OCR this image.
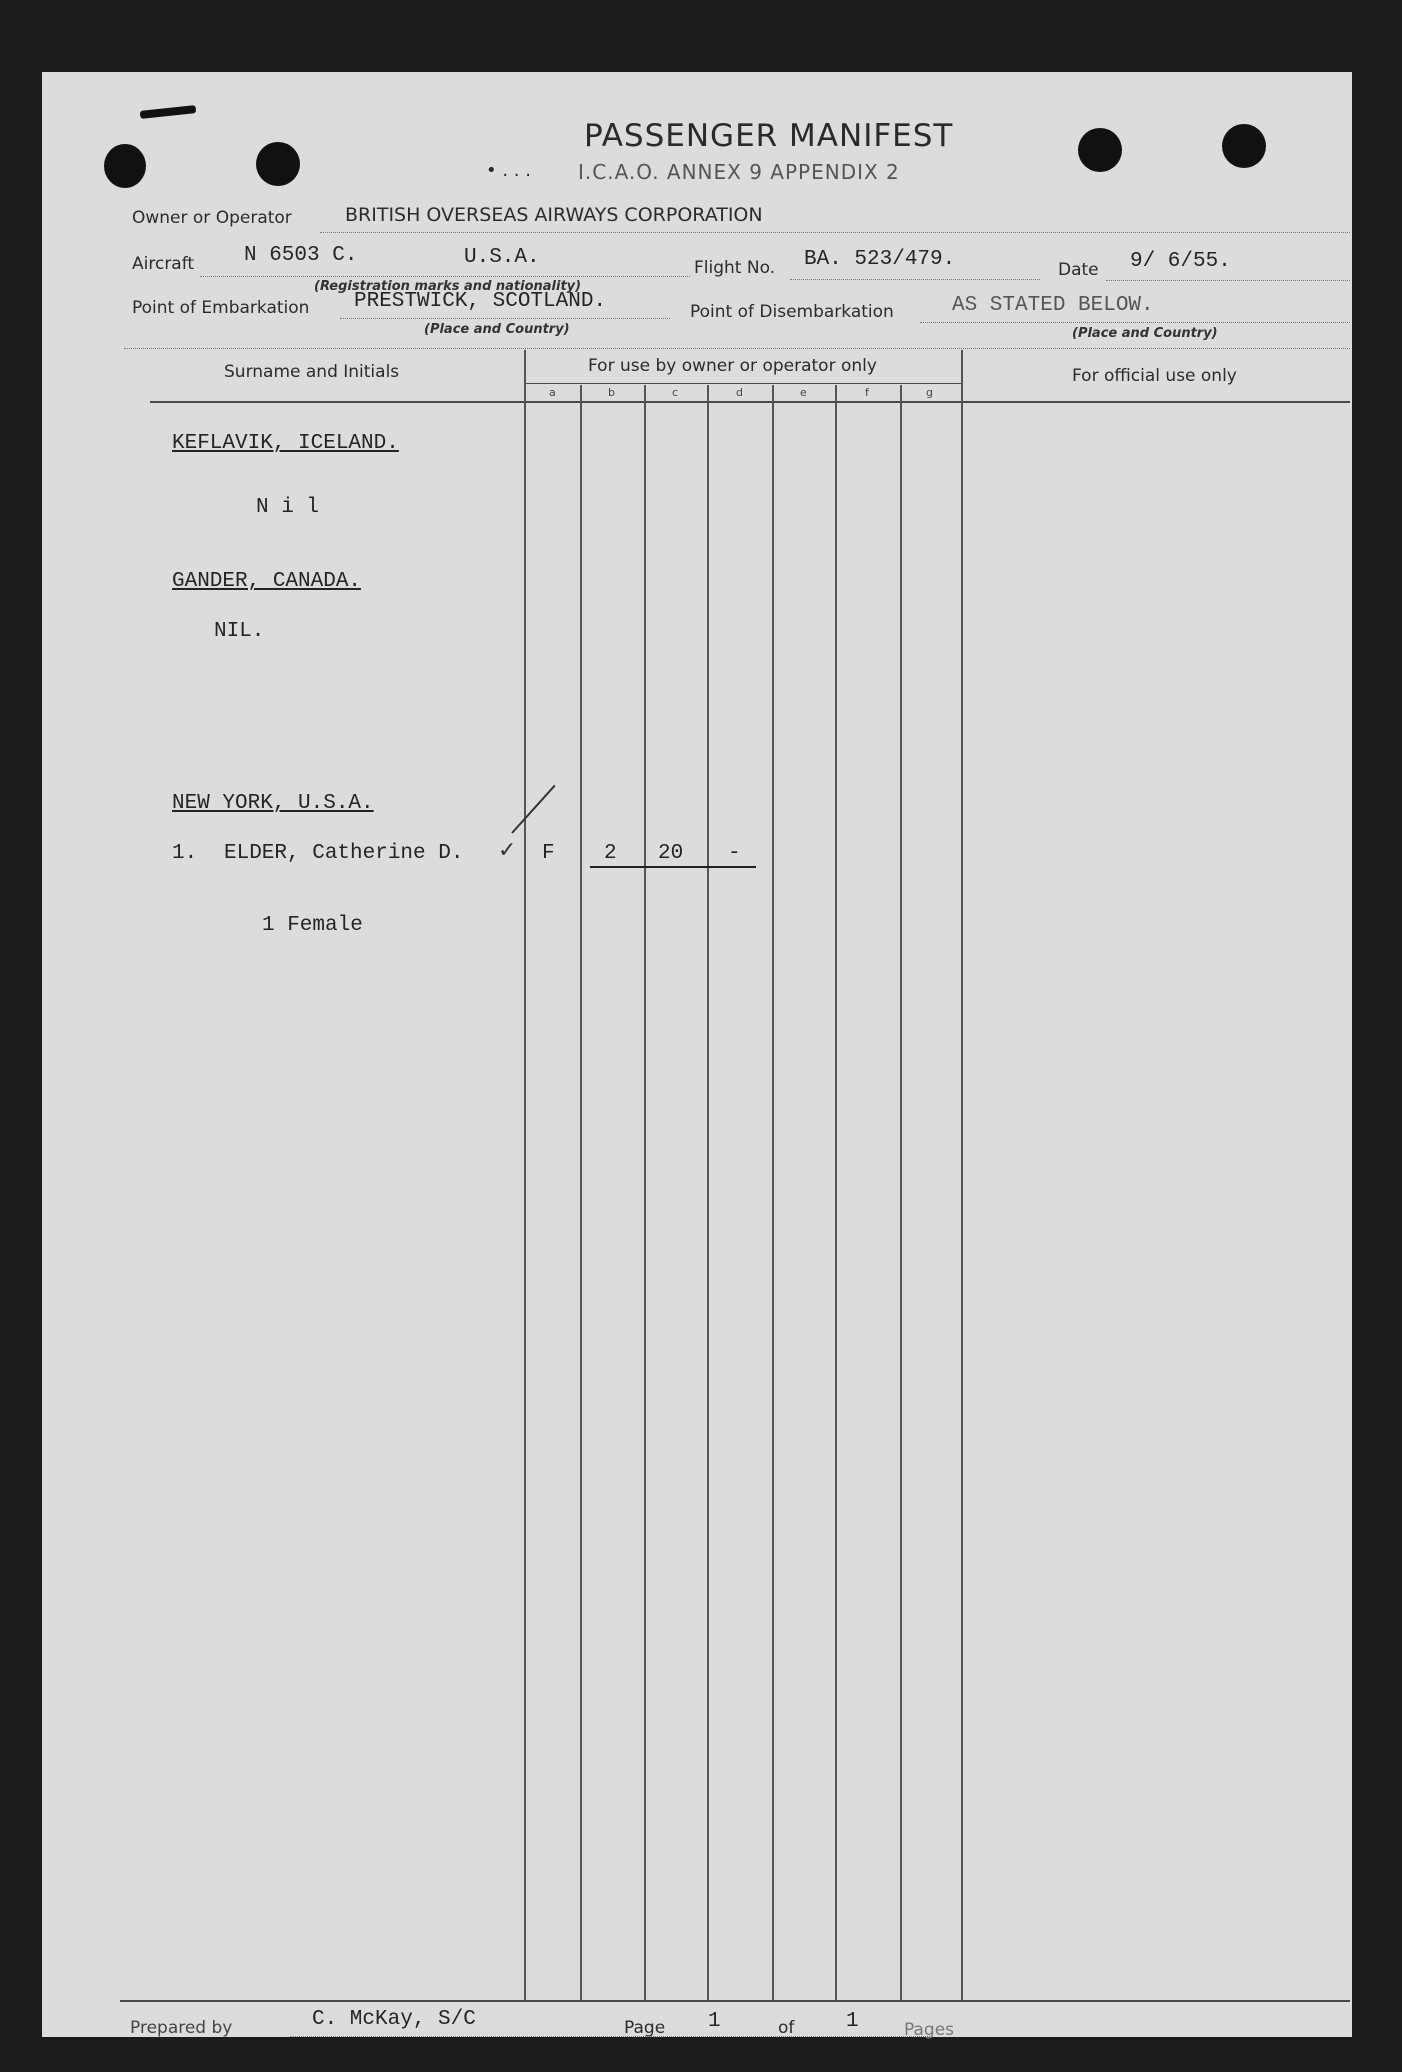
PASSENGER MANIFEST
• . . . I.C.A.O. ANNEX 9 APPENDIX 2
Owner or Operator	BRITISH OVERSEAS AIRWAYS CORPORATION
Aircraft N 6503 C.	U.S.A.
(Registration marks and nationality)
Flight No. BA. 523/479.	Date 9/ 6/55.
Point of Embarkation PRESTWICK, SCOTLAND.
(Place and Country)
Point of Disembarkation	AS STATED BELOW.
(Place and Country)
Surname and Initials	For use by owner or operator only	For official use only
a	b	c	d	e	f	g
KEFLAVIK, ICELAND.
N i l
GANDER, CANADA.
NIL.
NEW YORK, U.S.A.
1. ELDER, Catherine D. ✓ F 2 20 -
1 Female
Prepared by	C. McKay, S/C	Page 1	of 1	Pages
